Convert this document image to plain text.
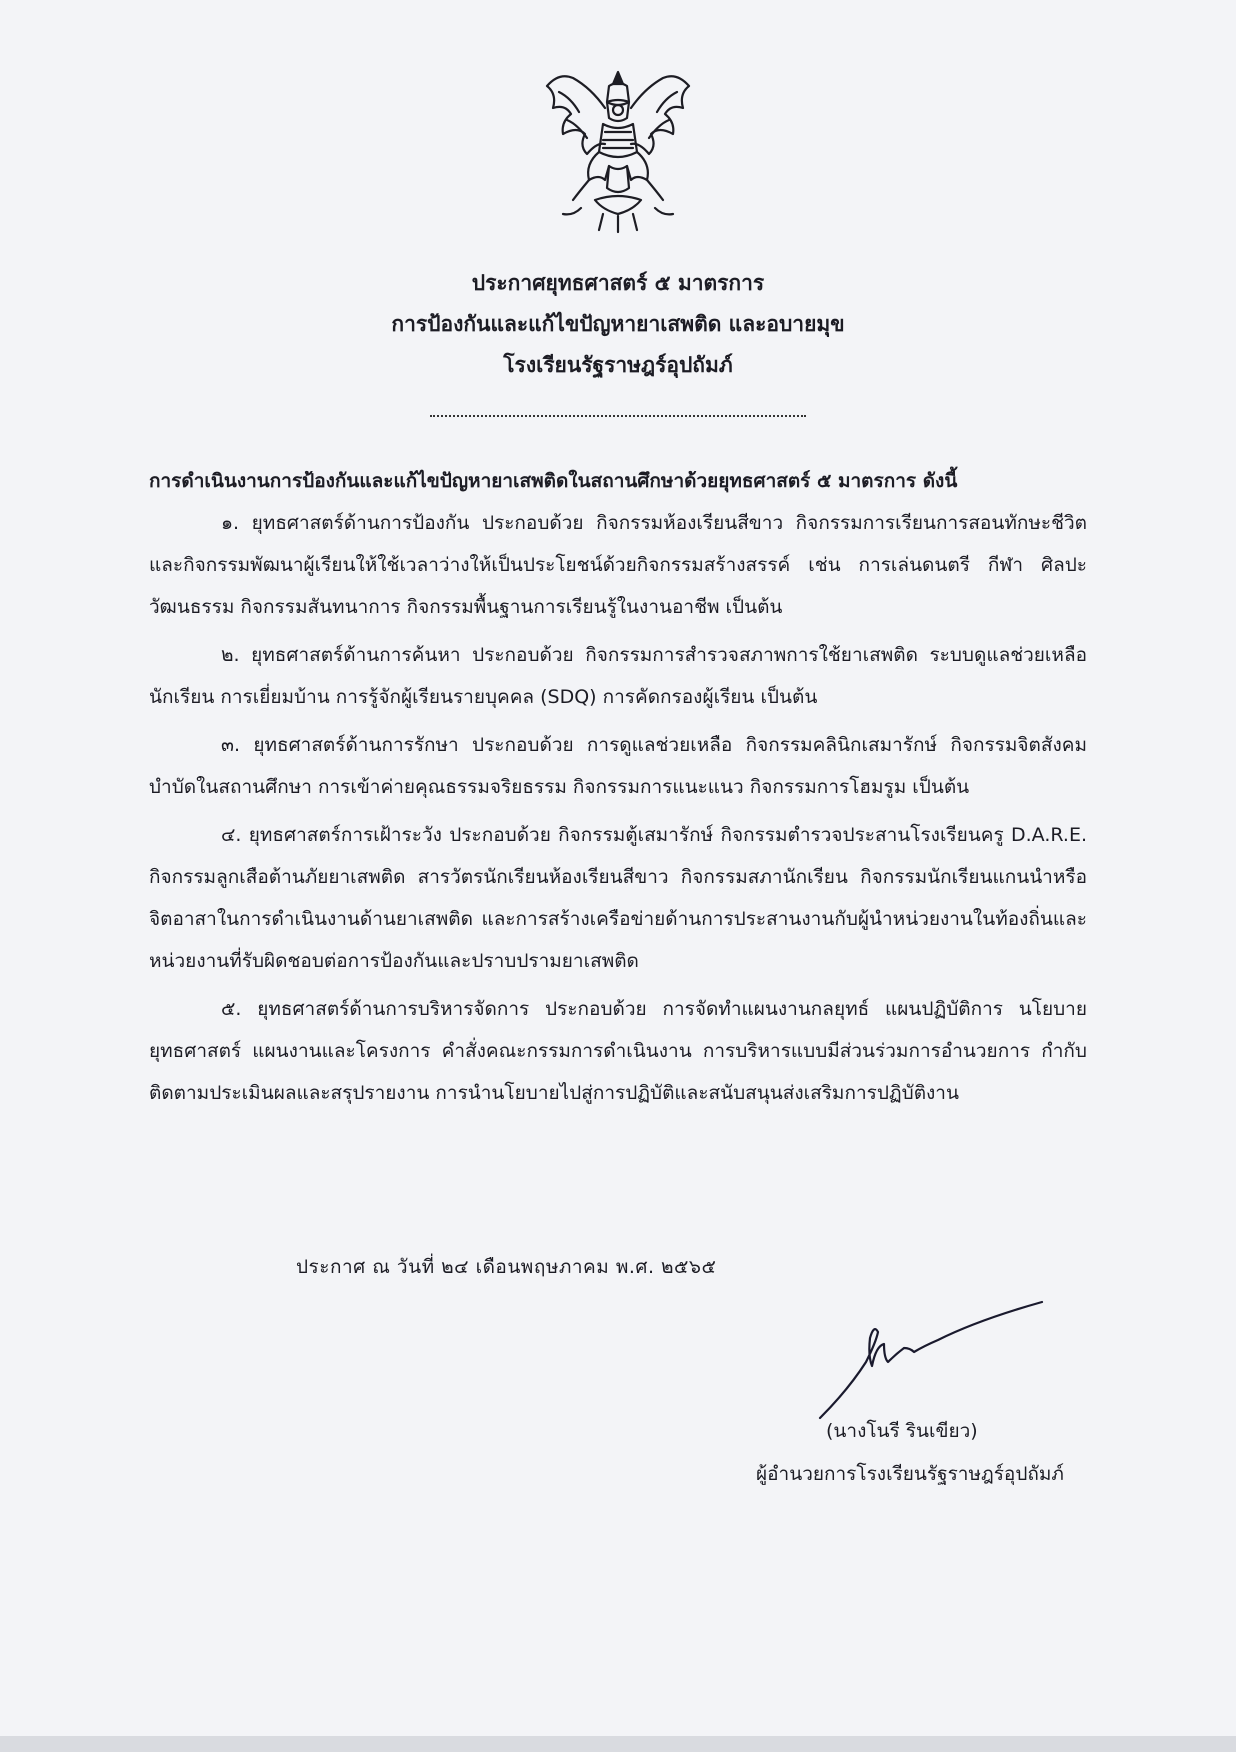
ประกาศยุทธศาสตร์ ๕ มาตรการ
การป้องกันและแก้ไขปัญหายาเสพติด และอบายมุข
โรงเรียนรัฐราษฎร์อุปถัมภ์
การดำเนินงานการป้องกันและแก้ไขปัญหายาเสพติดในสถานศึกษาด้วยยุทธศาสตร์ ๕ มาตรการ ดังนี้

๑. ยุทธศาสตร์ด้านการป้องกัน ประกอบด้วย กิจกรรมห้องเรียนสีขาว กิจกรรมการเรียนการสอนทักษะชีวิตและกิจกรรมพัฒนาผู้เรียนให้ใช้เวลาว่างให้เป็นประโยชน์ด้วยกิจกรรมสร้างสรรค์ เช่น การเล่นดนตรี กีฬา ศิลปะ วัฒนธรรม กิจกรรมสันทนาการ กิจกรรมพื้นฐานการเรียนรู้ในงานอาชีพ เป็นต้น

๒. ยุทธศาสตร์ด้านการค้นหา ประกอบด้วย กิจกรรมการสำรวจสภาพการใช้ยาเสพติด ระบบดูแลช่วยเหลือนักเรียน การเยี่ยมบ้าน การรู้จักผู้เรียนรายบุคคล (SDQ) การคัดกรองผู้เรียน เป็นต้น

๓. ยุทธศาสตร์ด้านการรักษา ประกอบด้วย การดูแลช่วยเหลือ กิจกรรมคลินิกเสมารักษ์ กิจกรรมจิตสังคมบำบัดในสถานศึกษา การเข้าค่ายคุณธรรมจริยธรรม กิจกรรมการแนะแนว กิจกรรมการโฮมรูม เป็นต้น

๔. ยุทธศาสตร์การเฝ้าระวัง ประกอบด้วย กิจกรรมตู้เสมารักษ์ กิจกรรมตำรวจประสานโรงเรียนครู D.A.R.E. กิจกรรมลูกเสือต้านภัยยาเสพติด สารวัตรนักเรียนห้องเรียนสีขาว กิจกรรมสภานักเรียน กิจกรรมนักเรียนแกนนำหรือจิตอาสาในการดำเนินงานด้านยาเสพติด และการสร้างเครือข่ายด้านการประสานงานกับผู้นำหน่วยงานในท้องถิ่นและหน่วยงานที่รับผิดชอบต่อการป้องกันและปราบปรามยาเสพติด

๕. ยุทธศาสตร์ด้านการบริหารจัดการ ประกอบด้วย การจัดทำแผนงานกลยุทธ์ แผนปฏิบัติการ นโยบายยุทธศาสตร์ แผนงานและโครงการ คำสั่งคณะกรรมการดำเนินงาน การบริหารแบบมีส่วนร่วมการอำนวยการ กำกับ ติดตามประเมินผลและสรุปรายงาน การนำนโยบายไปสู่การปฏิบัติและสนับสนุนส่งเสริมการปฏิบัติงาน

ประกาศ ณ วันที่ ๒๔ เดือนพฤษภาคม พ.ศ. ๒๕๖๕
(นางโนรี รินเขียว)
ผู้อำนวยการโรงเรียนรัฐราษฎร์อุปถัมภ์
